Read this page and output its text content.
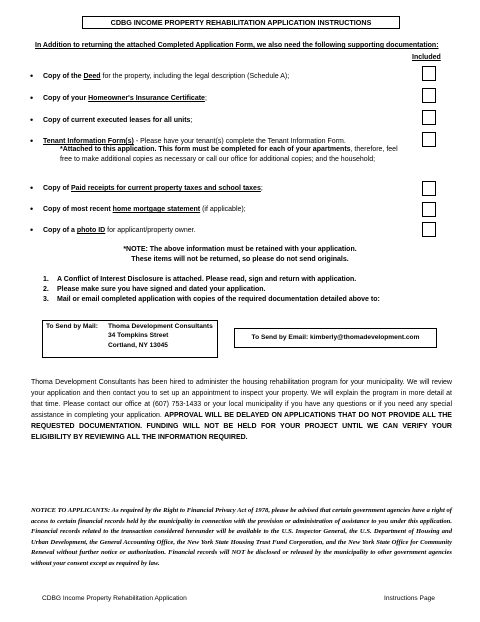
CDBG INCOME PROPERTY REHABILITATION APPLICATION INSTRUCTIONS
In Addition to returning the attached Completed Application Form, we also need the following supporting documentation:
Included
• Copy of the Deed for the property, including the legal description (Schedule A);
• Copy of your Homeowner's Insurance Certificate;
• Copy of current executed leases for all units;
• Tenant Information Form(s) - Please have your tenant(s) complete the Tenant Information Form.
*Attached to this application. This form must be completed for each of your apartments, therefore, feel free to make additional copies as necessary or call our office for additional copies; and the household;
• Copy of Paid receipts for current property taxes and school taxes;
• Copy of most recent home mortgage statement (if applicable);
• Copy of a photo ID for applicant/property owner.
*NOTE: The above information must be retained with your application.
These items will not be returned, so please do not send originals.
1. A Conflict of Interest Disclosure is attached. Please read, sign and return with application.
2. Please make sure you have signed and dated your application.
3. Mail or email completed application with copies of the required documentation detailed above to:
To Send by Mail: Thoma Development Consultants
34 Tompkins Street
Cortland, NY 13045
To Send by Email: kimberly@thomadevelopment.com
Thoma Development Consultants has been hired to administer the housing rehabilitation program for your municipality. We will review your application and then contact you to set up an appointment to inspect your property. We will explain the program in more detail at that time. Please contact our office at (607) 753-1433 or your local municipality if you have any questions or if you need any special assistance in completing your application. APPROVAL WILL BE DELAYED ON APPLICATIONS THAT DO NOT PROVIDE ALL THE REQUESTED DOCUMENTATION. FUNDING WILL NOT BE HELD FOR YOUR PROJECT UNTIL WE CAN VERIFY YOUR ELIGIBILITY BY REVIEWING ALL THE INFORMATION REQUIRED.
NOTICE TO APPLICANTS: As required by the Right to Financial Privacy Act of 1978, please be advised that certain government agencies have a right of access to certain financial records held by the municipality in connection with the provision or administration of assistance to you under this application. Financial records related to the transaction considered hereunder will be available to the U.S. Inspector General, the U.S. Department of Housing and Urban Development, the General Accounting Office, the New York State Housing Trust Fund Corporation, and the New York State Office for Community Renewal without further notice or authorization. Financial records will NOT be disclosed or released by the municipality to other government agencies without your consent except as required by law.
CDBG Income Property Rehabilitation Application	Instructions Page
